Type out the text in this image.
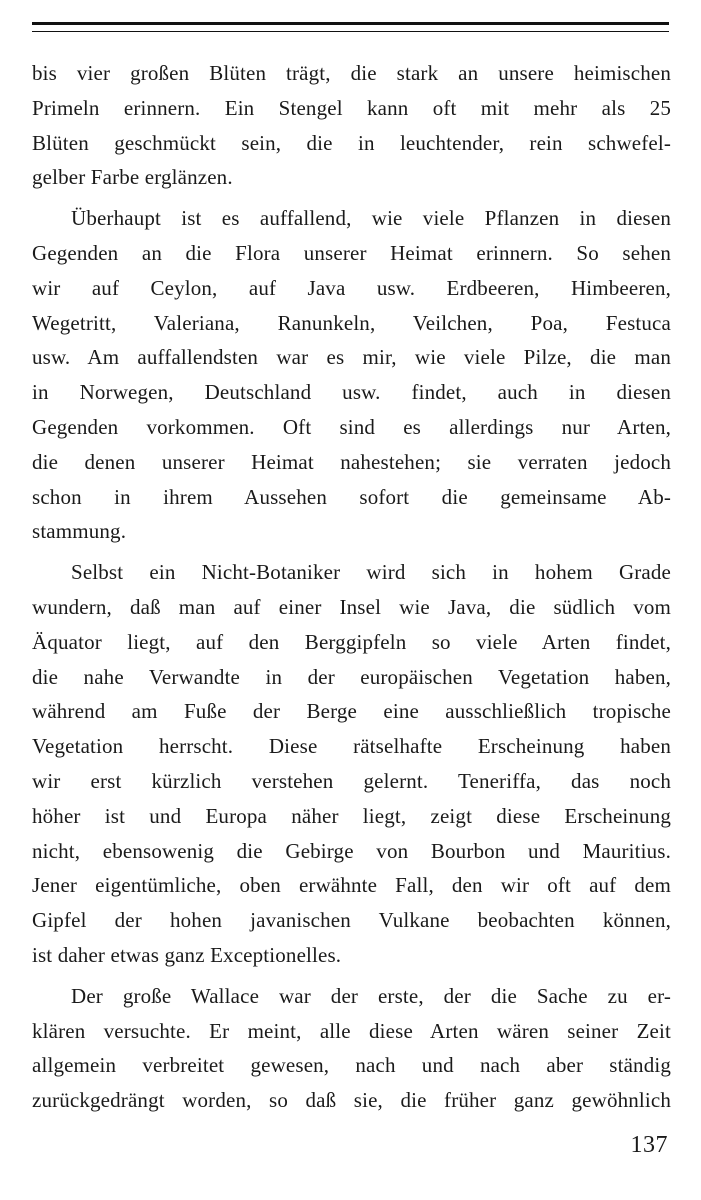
bis vier großen Blüten trägt, die stark an unsere heimischen
Primeln erinnern. Ein Stengel kann oft mit mehr als 25
Blüten geschmückt sein, die in leuchtender, rein schwefel-
gelber Farbe erglänzen.
Überhaupt ist es auffallend, wie viele Pflanzen in diesen
Gegenden an die Flora unserer Heimat erinnern. So sehen
wir auf Ceylon, auf Java usw. Erdbeeren, Himbeeren,
Wegetritt, Valeriana, Ranunkeln, Veilchen, Poa, Festuca
usw. Am auffallendsten war es mir, wie viele Pilze, die man
in Norwegen, Deutschland usw. findet, auch in diesen
Gegenden vorkommen. Oft sind es allerdings nur Arten,
die denen unserer Heimat nahestehen; sie verraten jedoch
schon in ihrem Aussehen sofort die gemeinsame Ab-
stammung.
Selbst ein Nicht-Botaniker wird sich in hohem Grade
wundern, daß man auf einer Insel wie Java, die südlich vom
Äquator liegt, auf den Berggipfeln so viele Arten findet,
die nahe Verwandte in der europäischen Vegetation haben,
während am Fuße der Berge eine ausschließlich tropische
Vegetation herrscht. Diese rätselhafte Erscheinung haben
wir erst kürzlich verstehen gelernt. Teneriffa, das noch
höher ist und Europa näher liegt, zeigt diese Erscheinung
nicht, ebensowenig die Gebirge von Bourbon und Mauritius.
Jener eigentümliche, oben erwähnte Fall, den wir oft auf dem
Gipfel der hohen javanischen Vulkane beobachten können,
ist daher etwas ganz Exceptionelles.
Der große Wallace war der erste, der die Sache zu er-
klären versuchte. Er meint, alle diese Arten wären seiner Zeit
allgemein verbreitet gewesen, nach und nach aber ständig
zurückgedrängt worden, so daß sie, die früher ganz gewöhnlich
137
